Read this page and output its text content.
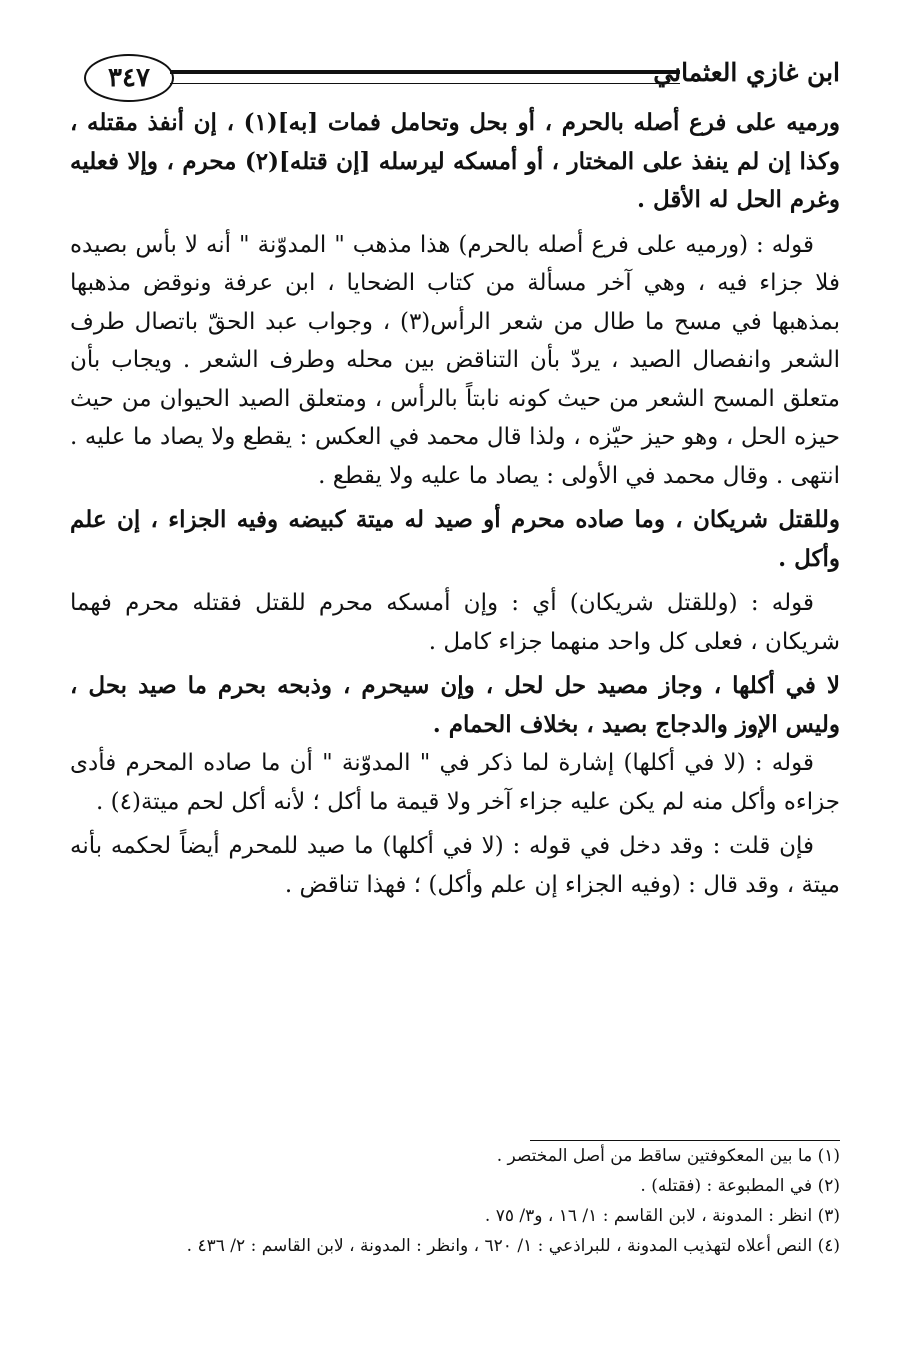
٣٤٧	ابن غازي العثماني

ورميه على فرع أصله بالحرم ، أو بحل وتحامل فمات [به](١) ، إن أنفذ مقتله ، وكذا إن لم ينفذ على المختار ، أو أمسكه ليرسله [إن قتله](٢) محرم ، وإلا فعليه وغرم الحل له الأقل .

قوله : (ورميه على فرع أصله بالحرم) هذا مذهب " المدوّنة " أنه لا بأس بصيده فلا جزاء فيه ، وهي آخر مسألة من كتاب الضحايا ، ابن عرفة ونوقض مذهبها بمذهبها في مسح ما طال من شعر الرأس(٣) ، وجواب عبد الحقّ باتصال طرف الشعر وانفصال الصيد ، يردّ بأن التناقض بين محله وطرف الشعر . ويجاب بأن متعلق المسح الشعر من حيث كونه نابتاً بالرأس ، ومتعلق الصيد الحيوان من حيث حيزه الحل ، وهو حيز حيّزه ، ولذا قال محمد في العكس : يقطع ولا يصاد ما عليه . انتهى . وقال محمد في الأولى : يصاد ما عليه ولا يقطع .

وللقتل شريكان ، وما صاده محرم أو صيد له ميتة كبيضه وفيه الجزاء ، إن علم وأكل .

قوله : (وللقتل شريكان) أي : وإن أمسكه محرم للقتل فقتله محرم فهما شريكان ، فعلى كل واحد منهما جزاء كامل .

لا في أكلها ، وجاز مصيد حل لحل ، وإن سيحرم ، وذبحه بحرم ما صيد بحل ، وليس الإوز والدجاج بصيد ، بخلاف الحمام .

قوله : (لا في أكلها) إشارة لما ذكر في " المدوّنة " أن ما صاده المحرم فأدى جزاءه وأكل منه لم يكن عليه جزاء آخر ولا قيمة ما أكل ؛ لأنه أكل لحم ميتة(٤) .

فإن قلت : وقد دخل في قوله : (لا في أكلها) ما صيد للمحرم أيضاً لحكمه بأنه ميتة ، وقد قال : (وفيه الجزاء إن علم وأكل) ؛ فهذا تناقض .

(١) ما بين المعكوفتين ساقط من أصل المختصر .

(٢) في المطبوعة : (فقتله) .

(٣) انظر : المدونة ، لابن القاسم : ١/ ١٦ ، و٣/ ٧٥ .

(٤) النص أعلاه لتهذيب المدونة ، للبراذعي : ١/ ٦٢٠ ، وانظر : المدونة ، لابن القاسم : ٢/ ٤٣٦ .
